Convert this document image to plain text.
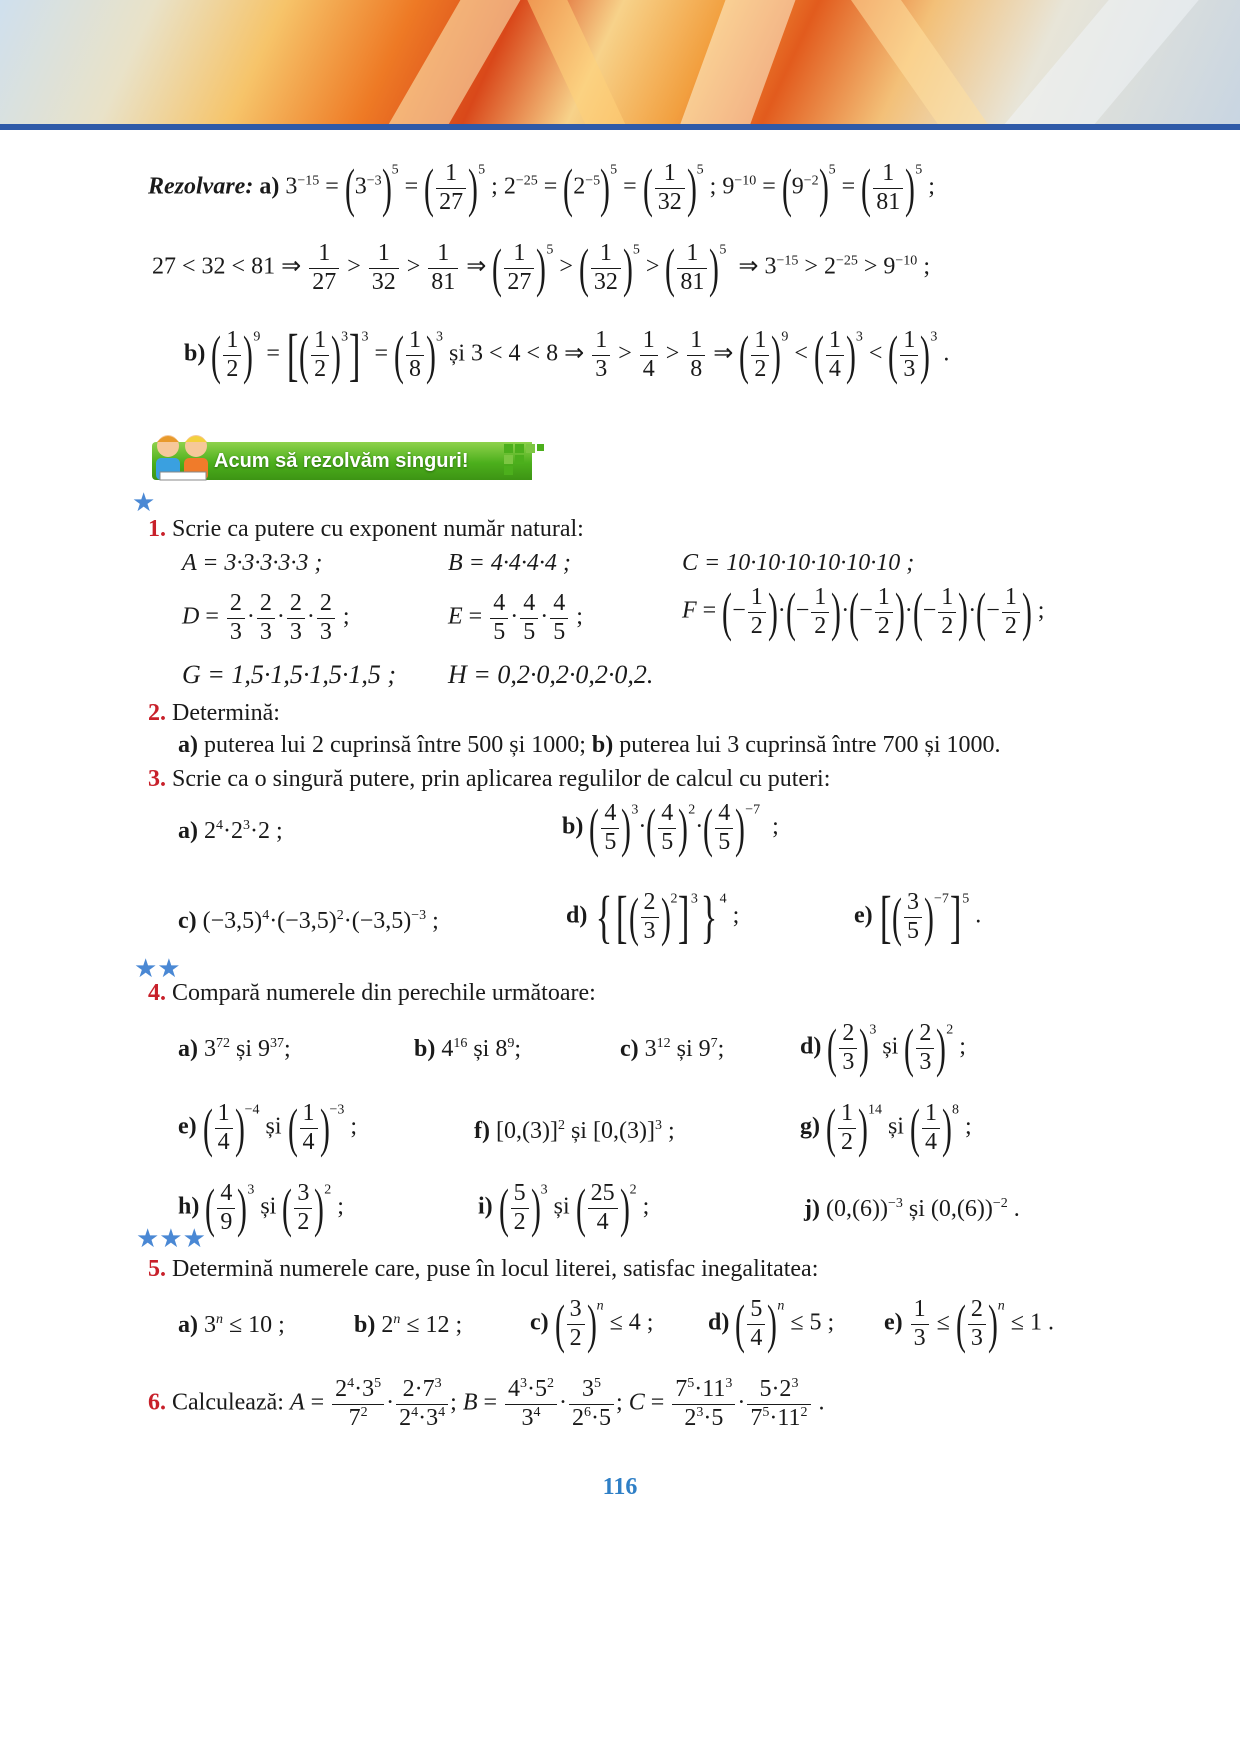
Rezolvare: a) $3^{-15} = (3^{-3})^5$ = ( $\frac{1}{27} )^5$ ; $2^{-25} = (2^{-5})^5$ = ( $\frac{1}{32} )^5$ ; $9^{-10} = (9^{-2})^5$ = ( $\frac{1}{81} )^5$ ;
27 < 32 < 81 ⇒ $\frac{1}{27} > \frac{1}{32} > \frac{1}{81}$ ⇒ ( $\frac{1}{27} )^5$ > ( $\frac{1}{32} )^5$ > ( $\frac{1}{81} )^5$  ⇒ $3^{-15} > 2^{-25} > 9^{-10}$ ;
b) ( $\frac{1}{2} )^9$ = [( $\frac{1}{2} )^3]^3$ = ( $\frac{1}{8} )^3$ și 3 < 4 < 8 ⇒ $\frac{1}{3} > \frac{1}{4} > \frac{1}{8}$ ⇒ ( $\frac{1}{2} )^9$ < ( $\frac{1}{4} )^3$ < ( $\frac{1}{3} )^3$ .
Acum să rezolvăm singuri!
★
1. Scrie ca putere cu exponent număr natural:
A = 3·3·3·3·3 ;	B = 4·4·4·4 ;	C = 10·10·10·10·10·10 ;
$D = \frac{2}{3} \cdot \frac{2}{3} \cdot \frac{2}{3} \cdot \frac{2}{3}$ ;	$E = \frac{4}{5} \cdot \frac{4}{5} \cdot \frac{4}{5}$ ;	F = (− $\frac{1}{2}$ )·(− $\frac{1}{2}$ )·(− $\frac{1}{2}$ )·(− $\frac{1}{2}$ )·(− $\frac{1}{2}$ ) ;
G = 1,5·1,5·1,5·1,5 ; H = 0,2·0,2·0,2·0,2.
2. Determină:
a) puterea lui 2 cuprinsă între 500 și 1000; b) puterea lui 3 cuprinsă între 700 și 1000.
3. Scrie ca o singură putere, prin aplicarea regulilor de calcul cu puteri:
a) $2^4\cdot 2^3\cdot 2$ ;	b) ( $\frac{4}{5} )^3\cdot( \frac{4}{5} )^2\cdot( \frac{4}{5} )^{-7}$  ;
c) $(-3,5)^4\cdot(-3,5)^2\cdot(-3,5)^{-3}$ ;	d) {[( $\frac{2}{3} )^2]^3$} $^4$ ;	e) [( $\frac{3}{5} )^{-7}]^5$ .
★★
4. Compară numerele din perechile următoare:
a) $3^{72}$ și $9^{37}$;	b) $4^{16}$ și $8^9$;	c) $3^{12}$ și $9^7$;	d) ( $\frac{2}{3} )^3$ și ( $\frac{2}{3} )^2$ ;
e) ( $\frac{1}{4} )^{-4}$ și ( $\frac{1}{4} )^{-3}$ ;	f) $[0,(3)]^2$ și $[0,(3)]^3$ ;	g) ( $\frac{1}{2} )^{14}$ și ( $\frac{1}{4} )^8$ ;
h) ( $\frac{4}{9} )^3$ și ( $\frac{3}{2} )^2$ ;	i) ( $\frac{5}{2} )^3$ și ( $\frac{25}{4} )^2$ ;	j) $(0,(6))^{-3}$ și $(0,(6))^{-2}$ .
★★★
5. Determină numerele care, puse în locul literei, satisfac inegalitatea:
a) $3^n \le 10$ ;	b) $2^n \le 12$ ;	c) ( $\frac{3}{2} )^n \le 4$ ; d) ( $\frac{5}{4} )^n \le 5$ ; $e) \frac{1}{3}$ ≤ ( $\frac{2}{3} )^n \le 1$ .
6. Calculează: $A = \frac{2^4\cdot 3^5}{7^2} \cdot \frac{2\cdot 7^3}{2^4\cdot 3^4}$ ; $B = \frac{4^3\cdot 5^2}{3^4} \cdot \frac{3^5}{2^6\cdot 5}$ ; $C = \frac{7^5\cdot 11^3}{2^3\cdot 5} \cdot \frac{5\cdot 2^3}{7^5\cdot 11^2}$ .
116
